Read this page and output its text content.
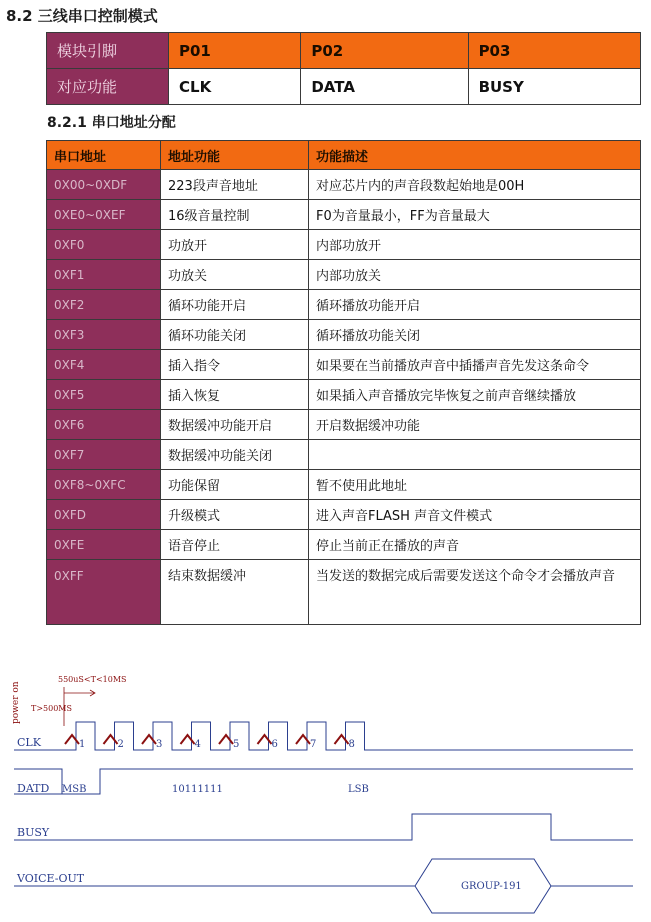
8.2 三线串口控制模式
模块引脚	P01	P02	P03
对应功能	CLK	DATA	BUSY
8.2.1 串口地址分配
串口地址	地址功能	功能描述
0X00~0XDF	223段声音地址	对应芯片内的声音段数起始地是00H
0XE0~0XEF	16级音量控制	F0为音量最小，FF为音量最大
0XF0	功放开	内部功放开
0XF1	功放关	内部功放关
0XF2	循环功能开启	循环播放功能开启
0XF3	循环功能关闭	循环播放功能关闭
0XF4	插入指令	如果要在当前播放声音中插播声音先发这条命令
0XF5	插入恢复	如果插入声音播放完毕恢复之前声音继续播放
0XF6	数据缓冲功能开启	开启数据缓冲功能
0XF7	数据缓冲功能关闭	
0XF8~0XFC	功能保留	暂不使用此地址
0XFD	升级模式	进入声音FLASH 声音文件模式
0XFE	语音停止	停止当前正在播放的声音
0XFF	结束数据缓冲	当发送的数据完成后需要发送这个命令才会播放声音
CLK
DATD
BUSY
VOICE-OUT
power on
550uS<T<10MS
T>500MS
1	2	3	4	5	6	7	8
MSB	10111111	LSB
GROUP-191
